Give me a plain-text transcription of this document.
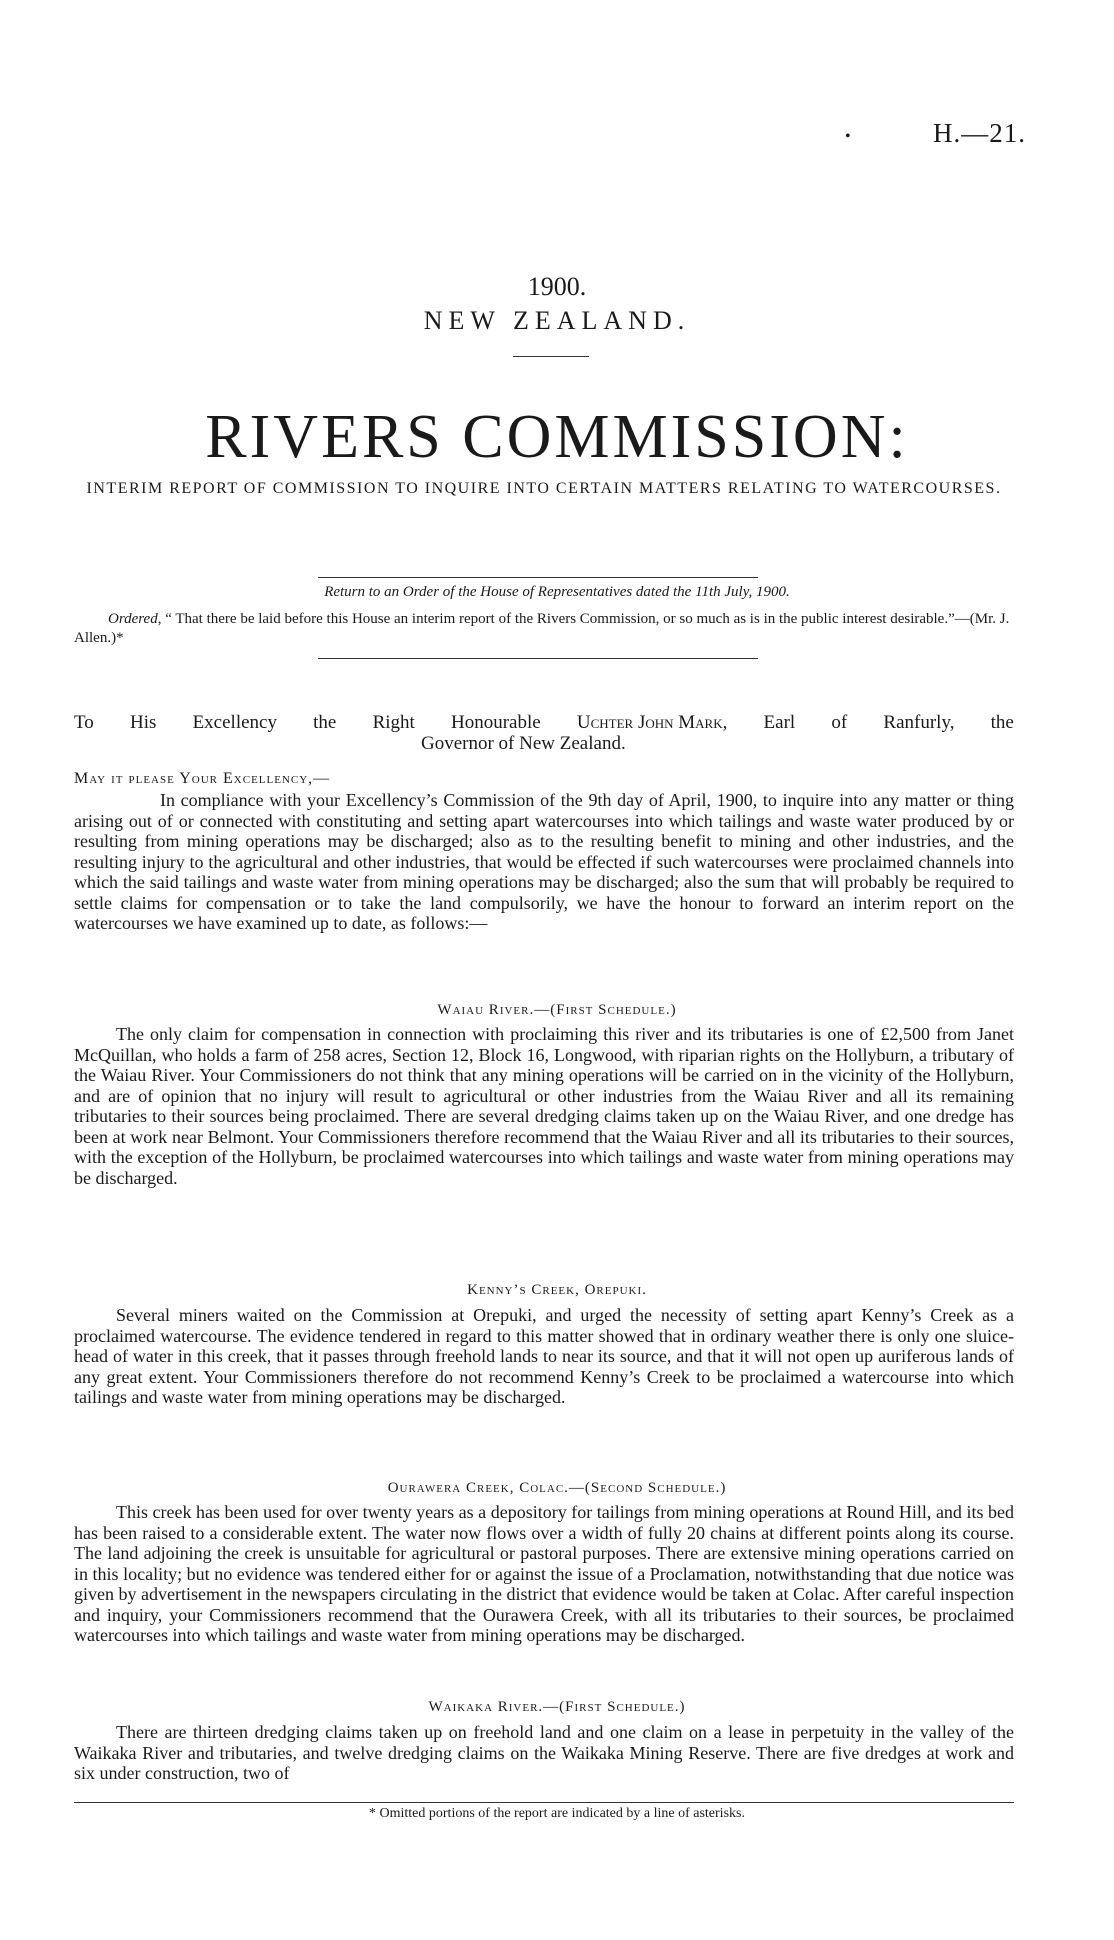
•	H.—21.
1900.
NEW ZEALAND.
RIVERS COMMISSION:
INTERIM REPORT OF COMMISSION TO INQUIRE INTO CERTAIN MATTERS RELATING TO WATERCOURSES.
Return to an Order of the House of Representatives dated the 11th July, 1900.
Ordered, “ That there be laid before this House an interim report of the Rivers Commission, or so much as is in the public interest desirable.”—(Mr. J. Allen.)*
To His Excellency the Right Honourable Uchter John Mark, Earl of Ranfurly, the
Governor of New Zealand.
May it please Your Excellency,—
In compliance with your Excellency’s Commission of the 9th day of April, 1900, to inquire into any matter or thing arising out of or connected with constituting and setting apart watercourses into which tailings and waste water produced by or resulting from mining operations may be discharged; also as to the resulting benefit to mining and other industries, and the resulting injury to the agricultural and other industries, that would be effected if such watercourses were proclaimed channels into which the said tailings and waste water from mining operations may be discharged; also the sum that will probably be required to settle claims for compensation or to take the land compulsorily, we have the honour to forward an interim report on the watercourses we have examined up to date, as follows:—
Waiau River.—(First Schedule.)
The only claim for compensation in connection with proclaiming this river and its tributaries is one of £2,500 from Janet McQuillan, who holds a farm of 258 acres, Section 12, Block 16, Longwood, with riparian rights on the Hollyburn, a tributary of the Waiau River. Your Commissioners do not think that any mining operations will be carried on in the vicinity of the Hollyburn, and are of opinion that no injury will result to agricultural or other industries from the Waiau River and all its remaining tributaries to their sources being proclaimed. There are several dredging claims taken up on the Waiau River, and one dredge has been at work near Belmont. Your Commissioners therefore recommend that the Waiau River and all its tributaries to their sources, with the exception of the Hollyburn, be proclaimed watercourses into which tailings and waste water from mining operations may be discharged.
Kenny’s Creek, Orepuki.
Several miners waited on the Commission at Orepuki, and urged the necessity of setting apart Kenny’s Creek as a proclaimed watercourse. The evidence tendered in regard to this matter showed that in ordinary weather there is only one sluice-head of water in this creek, that it passes through freehold lands to near its source, and that it will not open up auriferous lands of any great extent. Your Commissioners therefore do not recommend Kenny’s Creek to be proclaimed a watercourse into which tailings and waste water from mining operations may be discharged.
Ourawera Creek, Colac.—(Second Schedule.)
This creek has been used for over twenty years as a depository for tailings from mining operations at Round Hill, and its bed has been raised to a considerable extent. The water now flows over a width of fully 20 chains at different points along its course. The land adjoining the creek is unsuitable for agricultural or pastoral purposes. There are extensive mining operations carried on in this locality; but no evidence was tendered either for or against the issue of a Proclamation, notwithstanding that due notice was given by advertisement in the newspapers circulating in the district that evidence would be taken at Colac. After careful inspection and inquiry, your Commissioners recommend that the Ourawera Creek, with all its tributaries to their sources, be proclaimed watercourses into which tailings and waste water from mining operations may be discharged.
Waikaka River.—(First Schedule.)
There are thirteen dredging claims taken up on freehold land and one claim on a lease in perpetuity in the valley of the Waikaka River and tributaries, and twelve dredging claims on the Waikaka Mining Reserve. There are five dredges at work and six under construction, two of
* Omitted portions of the report are indicated by a line of asterisks.
